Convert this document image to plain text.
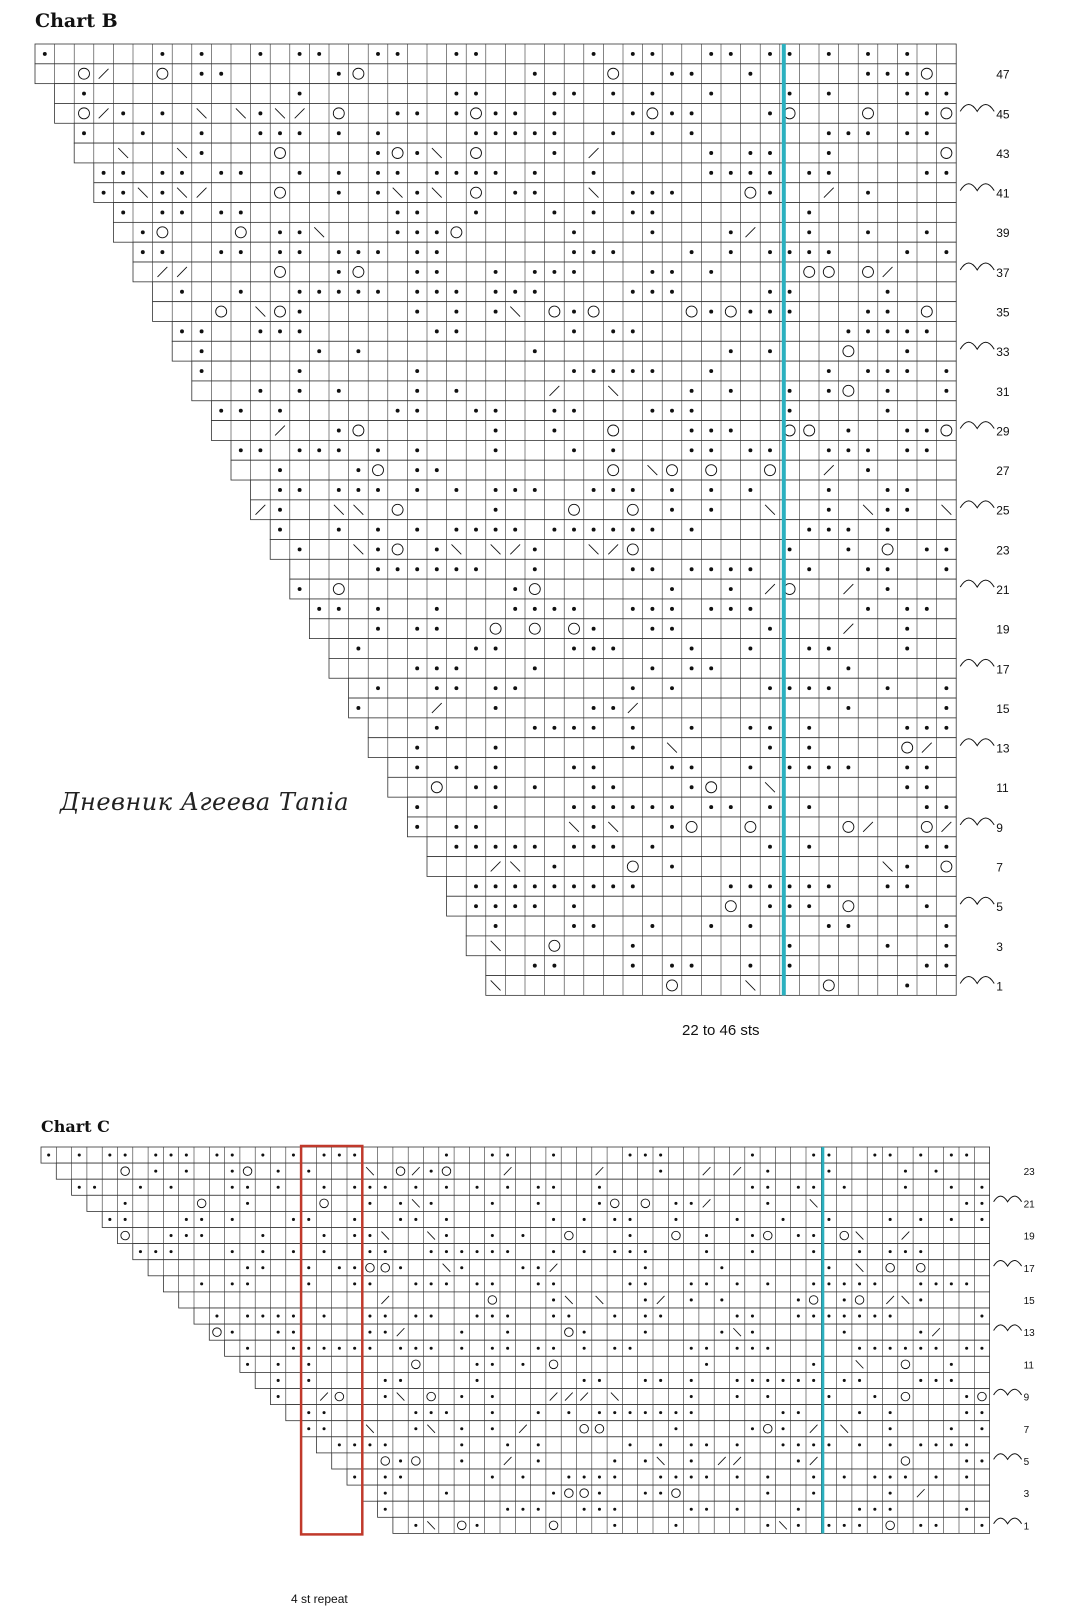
Chart B
22 to 46 sts
Дневник Агеева Таnia
Chart C
4 st repeat
47
45
43
41
39
37
35
33
31
29
27
25
23
21
19
17
15
13
11
9
7
5
3
1
23
21
19
17
15
13
11
9
7
5
3
1
